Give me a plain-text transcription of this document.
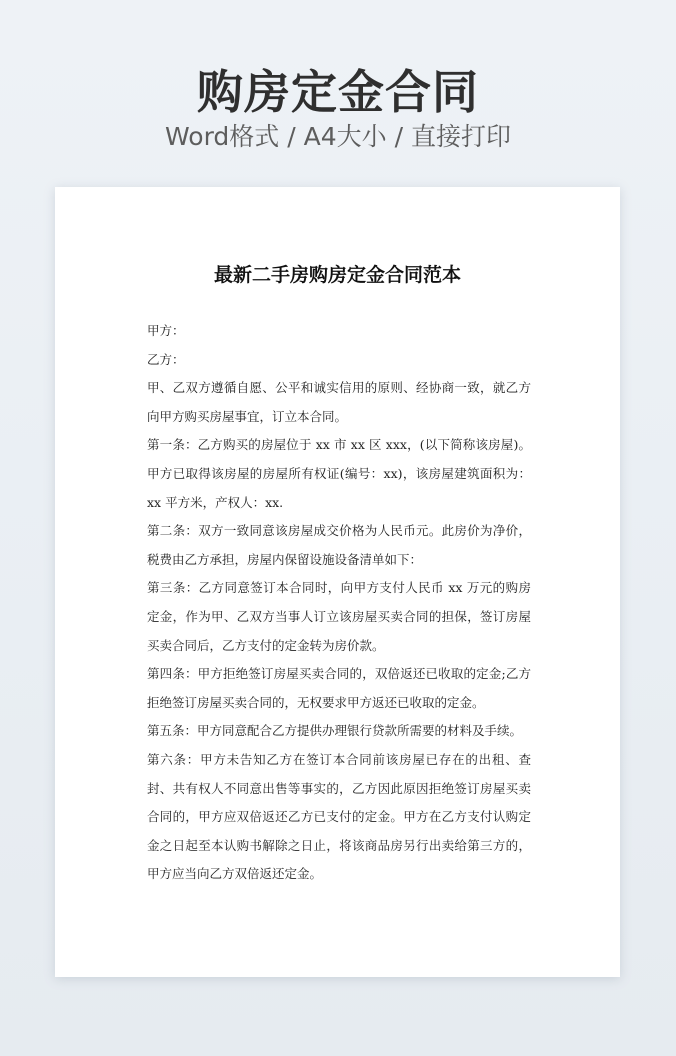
购房定金合同
Word格式 / A4大小 / 直接打印
最新二手房购房定金合同范本

甲方：

乙方：

甲、乙双方遵循自愿、公平和诚实信用的原则、经协商一致，就乙方向甲方购买房屋事宜，订立本合同。

第一条：乙方购买的房屋位于 xx 市 xx 区 xxx，(以下简称该房屋)。甲方已取得该房屋的房屋所有权证(编号：xx)，该房屋建筑面积为：xx 平方米，产权人：xx.

第二条：双方一致同意该房屋成交价格为人民币元。此房价为净价，税费由乙方承担，房屋内保留设施设备清单如下：

第三条：乙方同意签订本合同时，向甲方支付人民币 xx 万元的购房定金，作为甲、乙双方当事人订立该房屋买卖合同的担保，签订房屋买卖合同后，乙方支付的定金转为房价款。

第四条：甲方拒绝签订房屋买卖合同的，双倍返还已收取的定金;乙方拒绝签订房屋买卖合同的，无权要求甲方返还已收取的定金。

第五条：甲方同意配合乙方提供办理银行贷款所需要的材料及手续。

第六条：甲方未告知乙方在签订本合同前该房屋已存在的出租、查封、共有权人不同意出售等事实的，乙方因此原因拒绝签订房屋买卖合同的，甲方应双倍返还乙方已支付的定金。甲方在乙方支付认购定金之日起至本认购书解除之日止，将该商品房另行出卖给第三方的，甲方应当向乙方双倍返还定金。
